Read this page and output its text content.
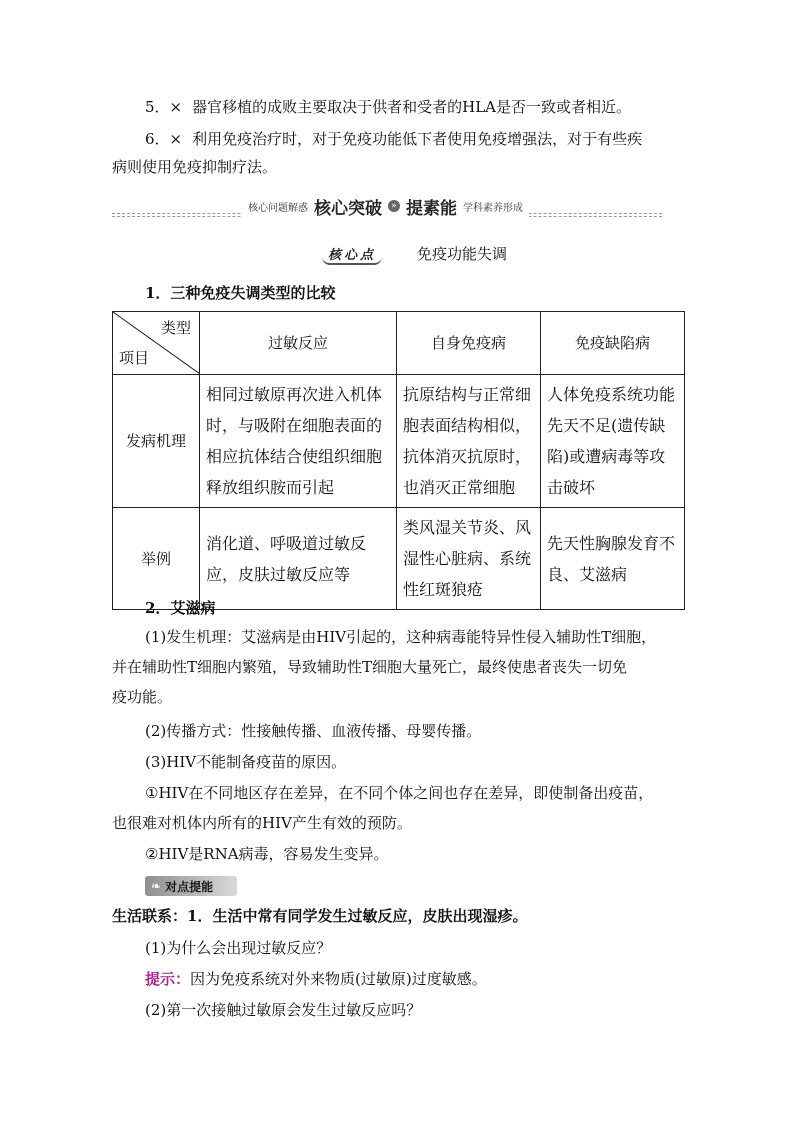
5．× 器官移植的成败主要取决于供者和受者的HLA是否一致或者相近。
6．× 利用免疫治疗时，对于免疫功能低下者使用免疫增强法，对于有些疾
病则使用免疫抑制疗法。
核心问题解惑 核心突破	» 提素能 学科素养形成
核心点	免疫功能失调
1．三种免疫失调类型的比较
类型
项目	过敏反应	自身免疫病	免疫缺陷病
发病机理	相同过敏原再次进入机体时，与吸附在细胞表面的相应抗体结合使组织细胞释放组织胺而引起	抗原结构与正常细胞表面结构相似，抗体消灭抗原时，也消灭正常细胞	人体免疫系统功能先天不足(遗传缺陷)或遭病毒等攻击破坏
举例	消化道、呼吸道过敏反应，皮肤过敏反应等	类风湿关节炎、风湿性心脏病、系统性红斑狼疮	先天性胸腺发育不良、艾滋病
2．艾滋病
(1)发生机理：艾滋病是由HIV引起的，这种病毒能特异性侵入辅助性T细胞，
并在辅助性T细胞内繁殖，导致辅助性T细胞大量死亡，最终使患者丧失一切免
疫功能。
(2)传播方式：性接触传播、血液传播、母婴传播。
(3)HIV不能制备疫苗的原因。
①HIV在不同地区存在差异，在不同个体之间也存在差异，即使制备出疫苗，
也很难对机体内所有的HIV产生有效的预防。
②HIV是RNA病毒，容易发生变异。
❧ 对点提能
生活联系：1．生活中常有同学发生过敏反应，皮肤出现湿疹。
(1)为什么会出现过敏反应？
提示：因为免疫系统对外来物质(过敏原)过度敏感。
(2)第一次接触过敏原会发生过敏反应吗？
